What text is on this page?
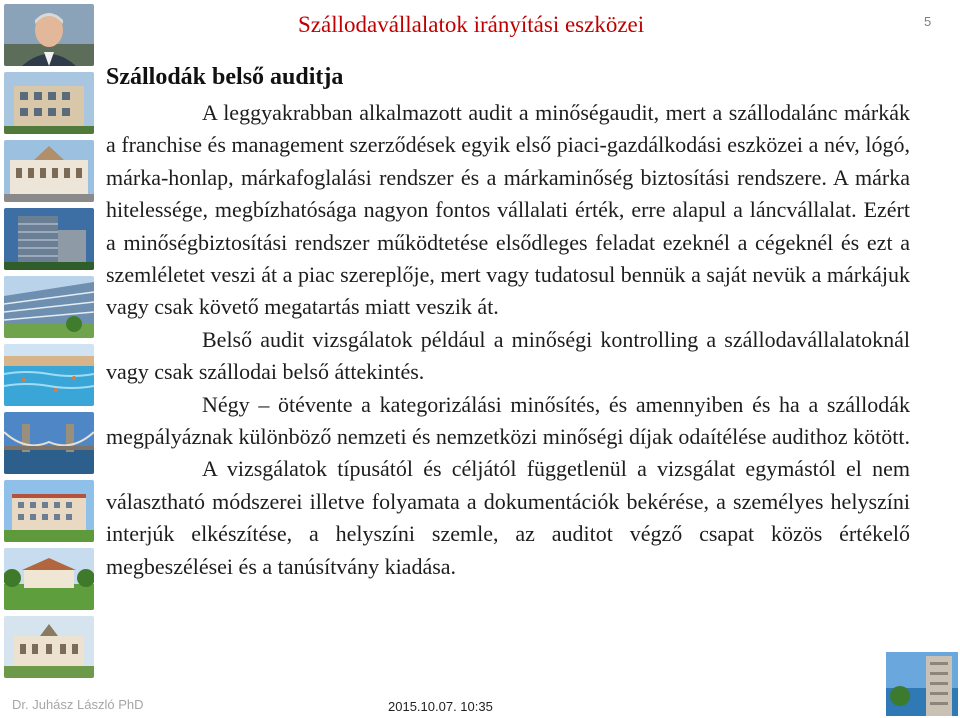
Szállodavállalatok irányítási eszközei	5
Szállodák belső auditja

A leggyakrabban alkalmazott audit a minőségaudit, mert a szállodalánc márkák a franchise és management szerződések egyik első piaci-gazdálkodási eszközei a név, lógó, márka-honlap, márkafoglalási rendszer és a márkaminőség biztosítási rendszere. A márka hitelessége, megbízhatósága nagyon fontos vállalati érték, erre alapul a láncvállalat. Ezért a minőségbiztosítási rendszer működtetése elsődleges feladat ezeknél a cégeknél és ezt a szemléletet veszi át a piac szereplője, mert vagy tudatosul bennük a saját nevük a márkájuk vagy csak követő megatartás miatt veszik át.

Belső audit vizsgálatok például a minőségi kontrolling a szállodavállalatoknál vagy csak szállodai belső áttekintés.

Négy – ötévente a kategorizálási minősítés, és amennyiben és ha a szállodák megpályáznak különböző nemzeti és nemzetközi minőségi díjak odaítélése audithoz kötött.

A vizsgálatok típusától és céljától függetlenül a vizsgálat egymástól el nem választható módszerei illetve folyamata a dokumentációk bekérése, a személyes helyszíni interjúk elkészítése, a helyszíni szemle, az auditot végző csapat közös értékelő megbeszélései és a tanúsítvány kiadása.

Dr. Juhász László PhD	2015.10.07. 10:35
